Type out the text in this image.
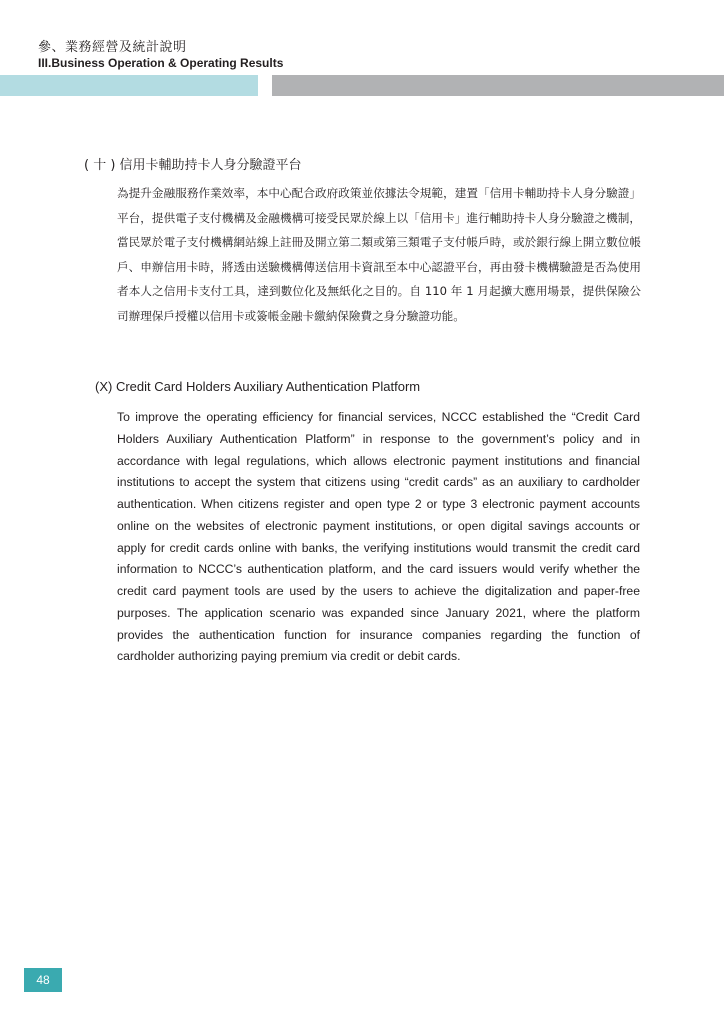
參、業務經營及統計說明
III.Business Operation & Operating Results
( 十 ) 信用卡輔助持卡人身分驗證平台

為提升金融服務作業效率，本中心配合政府政策並依據法令規範，建置「信用卡輔助持卡人身分驗證」平台，提供電子支付機構及金融機構可接受民眾於線上以「信用卡」進行輔助持卡人身分驗證之機制，當民眾於電子支付機構網站線上註冊及開立第二類或第三類電子支付帳戶時，或於銀行線上開立數位帳戶、申辦信用卡時，將透由送驗機構傳送信用卡資訊至本中心認證平台，再由發卡機構驗證是否為使用者本人之信用卡支付工具，達到數位化及無紙化之目的。自 110 年 1 月起擴大應用場景，提供保險公司辦理保戶授權以信用卡或簽帳金融卡繳納保險費之身分驗證功能。

(X) Credit Card Holders Auxiliary Authentication Platform

To improve the operating efficiency for financial services, NCCC established the “Credit Card Holders Auxiliary Authentication Platform” in response to the government’s policy and in accordance with legal regulations, which allows electronic payment institutions and financial institutions to accept the system that citizens using “credit cards” as an auxiliary to cardholder authentication. When citizens register and open type 2 or type 3 electronic payment accounts online on the websites of electronic payment institutions, or open digital savings accounts or apply for credit cards online with banks, the verifying institutions would transmit the credit card information to NCCC’s authentication platform, and the card issuers would verify whether the credit card payment tools are used by the users to achieve the digitalization and paper-free purposes. The application scenario was expanded since January 2021, where the platform provides the authentication function for insurance companies regarding the function of cardholder authorizing paying premium via credit or debit cards.

48
